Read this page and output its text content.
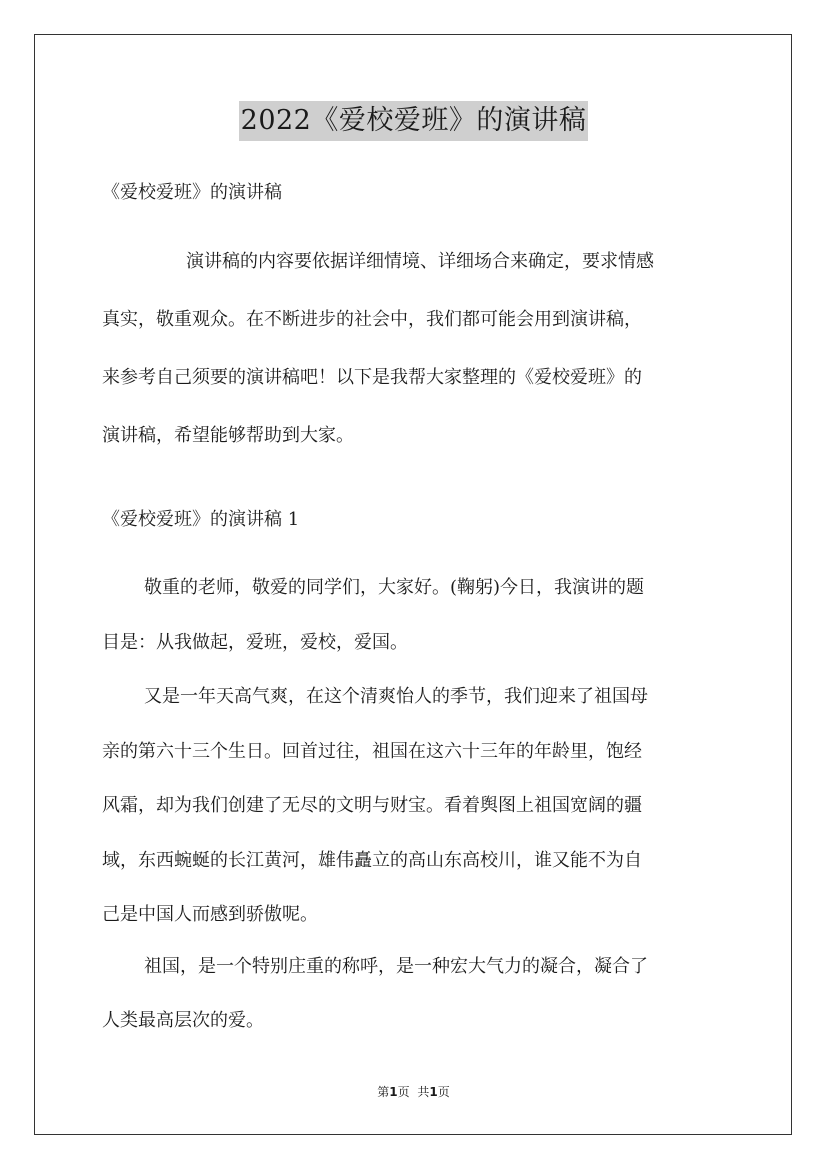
2022《爱校爱班》的演讲稿

《爱校爱班》的演讲稿

演讲稿的内容要依据详细情境、详细场合来确定，要求情感
真实，敬重观众。在不断进步的社会中，我们都可能会用到演讲稿，
来参考自己须要的演讲稿吧！以下是我帮大家整理的《爱校爱班》的
演讲稿，希望能够帮助到大家。

《爱校爱班》的演讲稿 1

敬重的老师，敬爱的同学们，大家好。(鞠躬)今日，我演讲的题
目是：从我做起，爱班，爱校，爱国。
又是一年天高气爽，在这个清爽怡人的季节，我们迎来了祖国母
亲的第六十三个生日。回首过往，祖国在这六十三年的年龄里，饱经
风霜，却为我们创建了无尽的文明与财宝。看着舆图上祖国宽阔的疆
域，东西蜿蜒的长江黄河，雄伟矗立的高山东高校川，谁又能不为自
己是中国人而感到骄傲呢。
祖国，是一个特别庄重的称呼，是一种宏大气力的凝合，凝合了
人类最高层次的爱。
第1页 共1页
